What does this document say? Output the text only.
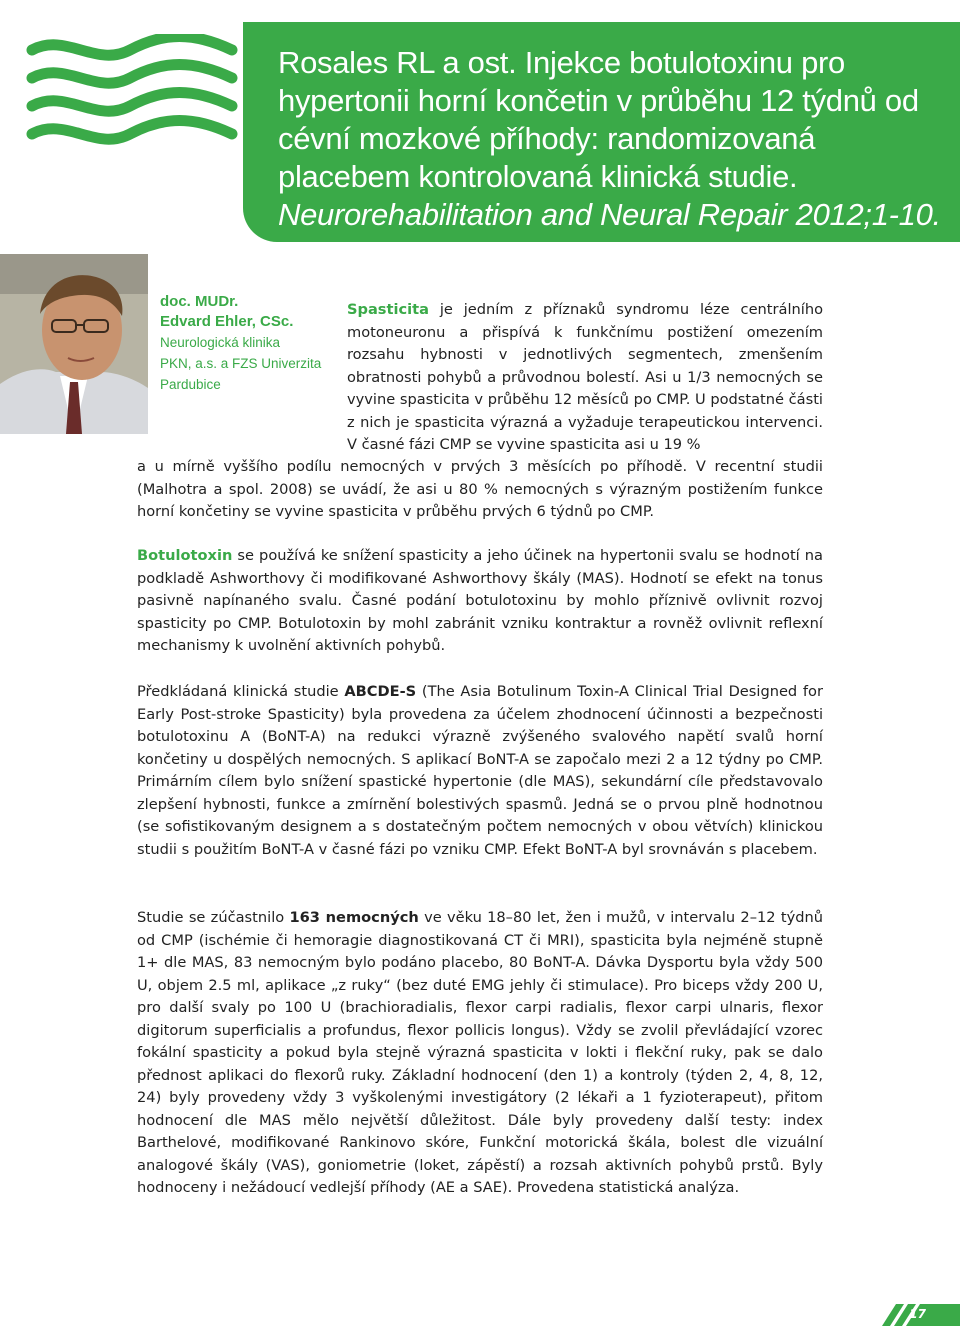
Rosales RL a ost. Injekce botulotoxinu pro hypertonii horní končetin v průběhu 12 týdnů od cévní mozkové příhody: randomizovaná placebem kontrolovaná klinická studie. Neurorehabilitation and Neural Repair 2012;1-10.
doc. MUDr.
Edvard Ehler, CSc.
Neurologická klinika
PKN, a.s. a FZS Univerzita
Pardubice

Spasticita je jedním z příznaků syndromu léze centrálního motoneuronu a přispívá k funkčnímu postižení omezením rozsahu hybnosti v jednotlivých segmentech, zmenšením obratnosti pohybů a průvodnou bolestí. Asi u 1/3 nemocných se vyvine spasticita v průběhu 12 měsíců po CMP. U podstatné části z nich je spasticita výrazná a vyžaduje terapeutickou intervenci. V časné fázi CMP se vyvine spasticita asi u 19 %

a u mírně vyššího podílu nemocných v prvých 3 měsících po příhodě. V recentní studii (Malhotra a spol. 2008) se uvádí, že asi u 80 % nemocných s výrazným postižením funkce horní končetiny se vyvine spasticita v průběhu prvých 6 týdnů po CMP.

Botulotoxin se používá ke snížení spasticity a jeho účinek na hypertonii svalu se hodnotí na podkladě Ashworthovy či modifikované Ashworthovy škály (MAS). Hodnotí se efekt na tonus pasivně napínaného svalu. Časné podání botulotoxinu by mohlo příznivě ovlivnit rozvoj spasticity po CMP. Botulotoxin by mohl zabránit vzniku kontraktur a rovněž ovlivnit reflexní mechanismy k uvolnění aktivních pohybů.

Předkládaná klinická studie ABCDE-S (The Asia Botulinum Toxin-A Clinical Trial Designed for Early Post-stroke Spasticity) byla provedena za účelem zhodnocení účinnosti a bezpečnosti botulotoxinu A (BoNT-A) na redukci výrazně zvýšeného svalového napětí svalů horní končetiny u dospělých nemocných. S aplikací BoNT-A se započalo mezi 2 a 12 týdny po CMP. Primárním cílem bylo snížení spastické hypertonie (dle MAS), sekundární cíle představovalo zlepšení hybnosti, funkce a zmírnění bolestivých spasmů. Jedná se o prvou plně hodnotnou (se sofistikovaným designem a s dostatečným počtem nemocných v obou větvích) klinickou studii s použitím BoNT-A v časné fázi po vzniku CMP. Efekt BoNT-A byl srovnáván s placebem.

Studie se zúčastnilo 163 nemocných ve věku 18–80 let, žen i mužů, v intervalu 2–12 týdnů od CMP (ischémie či hemoragie diagnostikovaná CT či MRI), spasticita byla nejméně stupně 1+ dle MAS, 83 nemocným bylo podáno placebo, 80 BoNT-A. Dávka Dysportu byla vždy 500 U, objem 2.5 ml, aplikace „z ruky“ (bez duté EMG jehly či stimulace). Pro biceps vždy 200 U, pro další svaly po 100 U (brachioradialis, flexor carpi radialis, flexor carpi ulnaris, flexor digitorum superficialis a profundus, flexor pollicis longus). Vždy se zvolil převládající vzorec fokální spasticity a pokud byla stejně výrazná spasticita v lokti i flekční ruky, pak se dalo přednost aplikaci do flexorů ruky. Základní hodnocení (den 1) a kontroly (týden 2, 4, 8, 12, 24) byly provedeny vždy 3 vyškolenými investigátory (2 lékaři a 1 fyzioterapeut), přitom hodnocení dle MAS mělo největší důležitost. Dále byly provedeny další testy: index Barthelové, modifikované Rankinovo skóre, Funkční motorická škála, bolest dle vizuální analogové škály (VAS), goniometrie (loket, zápěstí) a rozsah aktivních pohybů prstů. Byly hodnoceny i nežádoucí vedlejší příhody (AE a SAE). Provedena statistická analýza.

17
